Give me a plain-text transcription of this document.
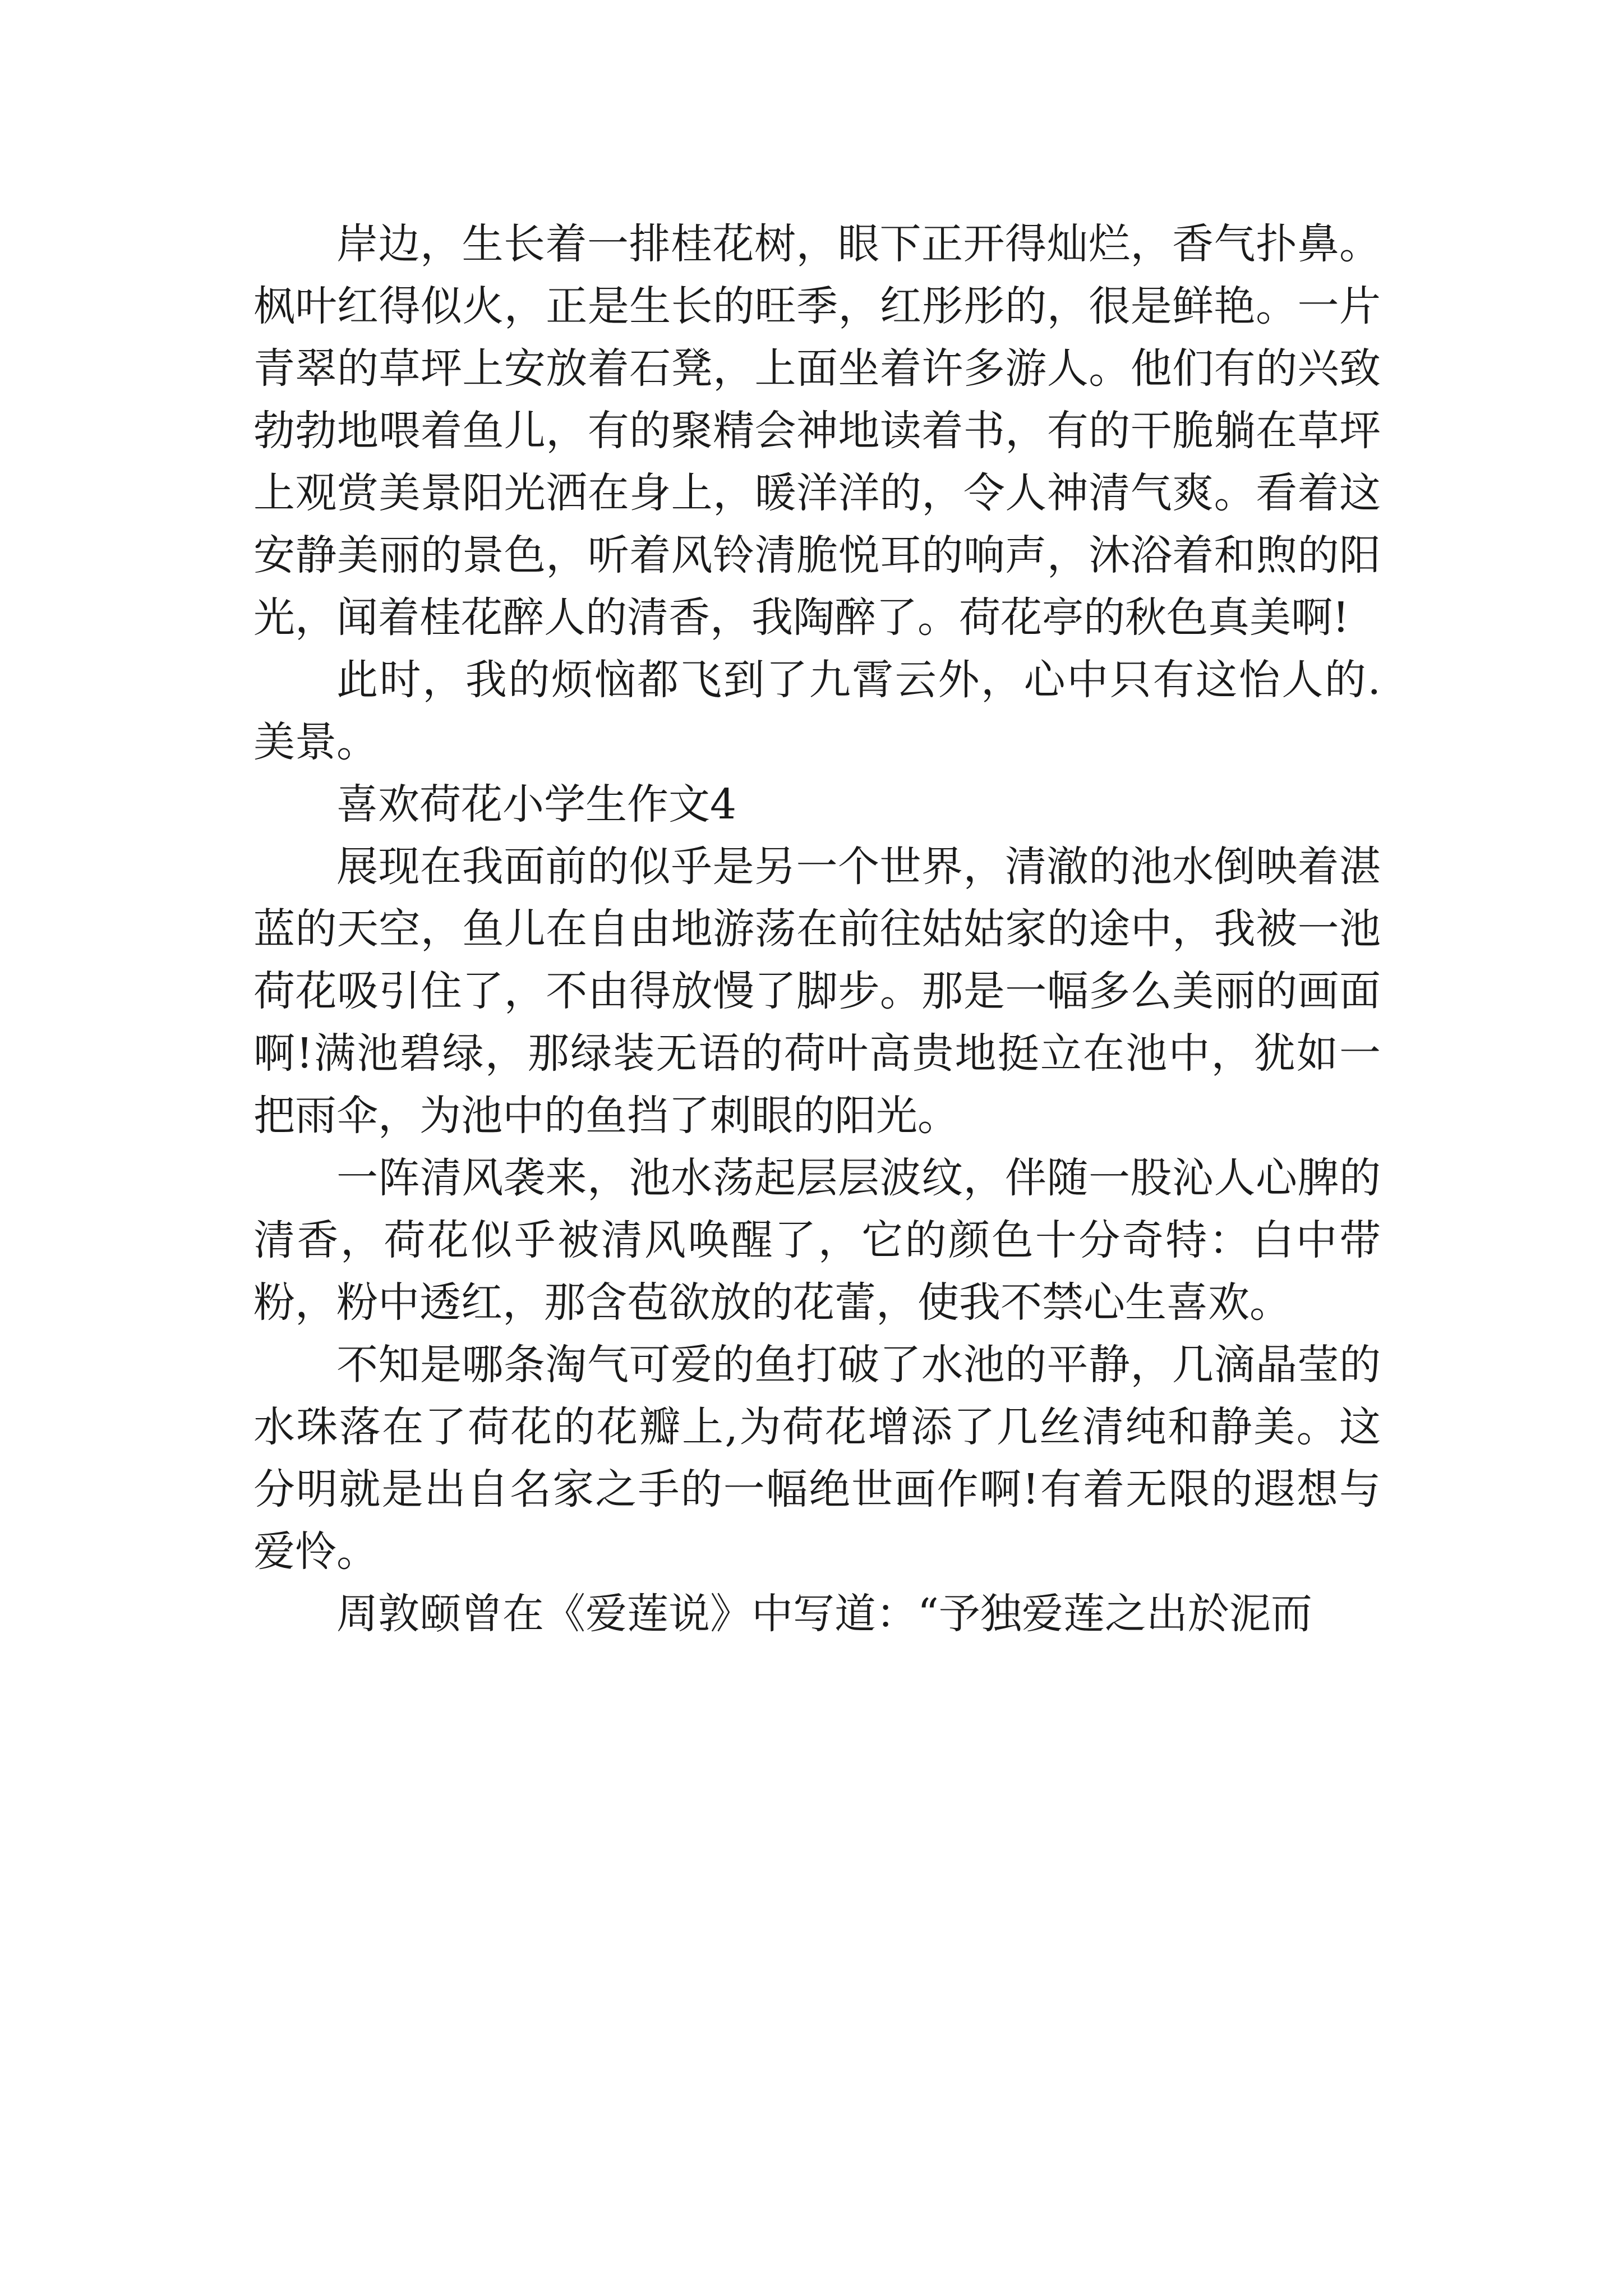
岸边，生长着一排桂花树，眼下正开得灿烂，香气扑鼻。枫叶红得似火，正是生长的旺季，红彤彤的，很是鲜艳。一片青翠的草坪上安放着石凳，上面坐着许多游人。他们有的兴致勃勃地喂着鱼儿，有的聚精会神地读着书，有的干脆躺在草坪上观赏美景阳光洒在身上，暖洋洋的，令人神清气爽。看着这安静美丽的景色，听着风铃清脆悦耳的响声，沐浴着和煦的阳光，闻着桂花醉人的清香，我陶醉了。荷花亭的秋色真美啊!

此时，我的烦恼都飞到了九霄云外，心中只有这怡人的.美景。

喜欢荷花小学生作文4

展现在我面前的似乎是另一个世界，清澈的池水倒映着湛蓝的天空，鱼儿在自由地游荡在前往姑姑家的途中，我被一池荷花吸引住了，不由得放慢了脚步。那是一幅多么美丽的画面啊!满池碧绿，那绿装无语的荷叶高贵地挺立在池中，犹如一把雨伞，为池中的鱼挡了刺眼的阳光。

一阵清风袭来，池水荡起层层波纹，伴随一股沁人心脾的清香，荷花似乎被清风唤醒了，它的颜色十分奇特：白中带粉，粉中透红，那含苞欲放的花蕾，使我不禁心生喜欢。

不知是哪条淘气可爱的鱼打破了水池的平静，几滴晶莹的水珠落在了荷花的花瓣上,为荷花增添了几丝清纯和静美。这分明就是出自名家之手的一幅绝世画作啊!有着无限的遐想与爱怜。

周敦颐曾在《爱莲说》中写道：“予独爱莲之出於泥而
